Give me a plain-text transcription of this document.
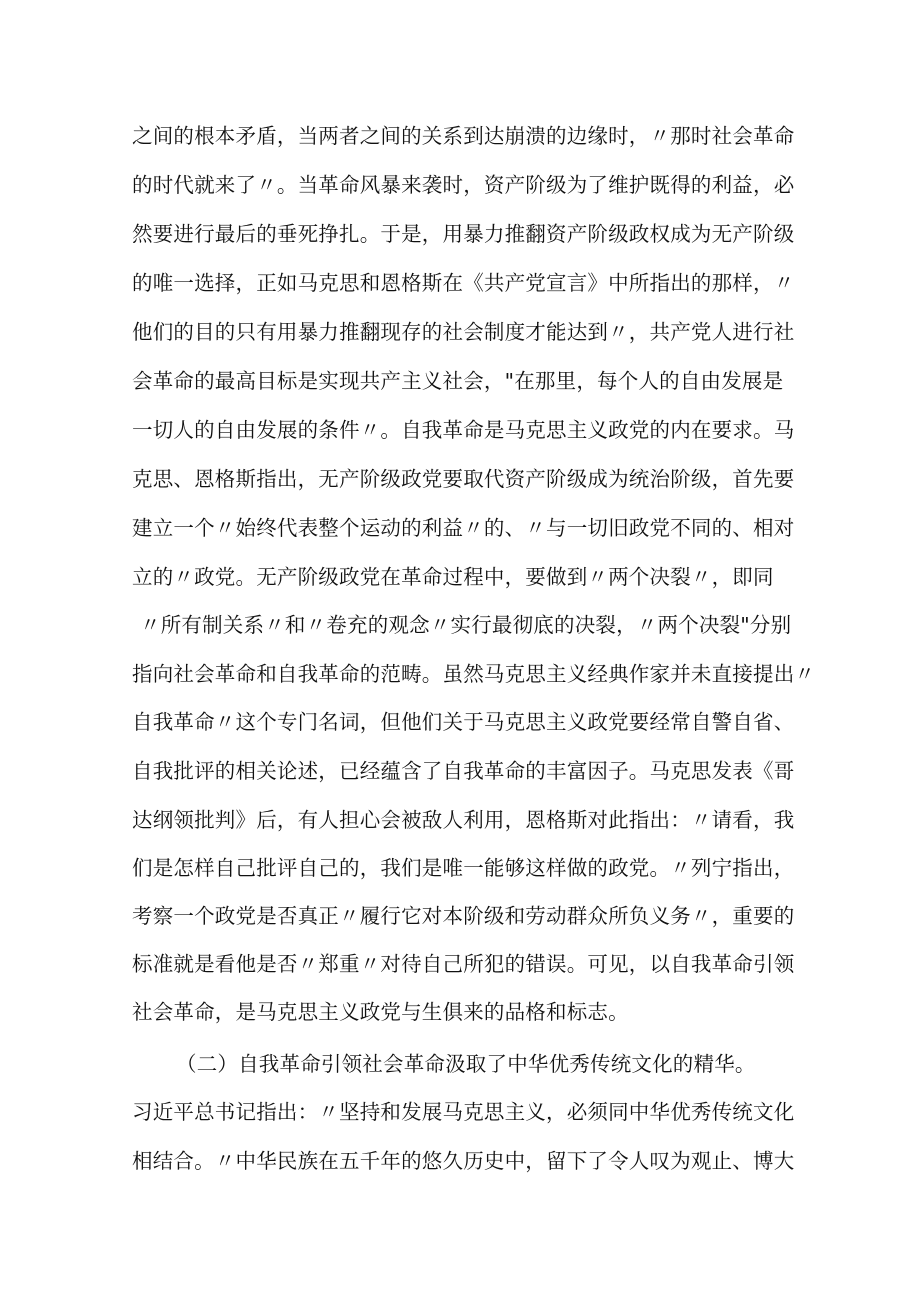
之间的根本矛盾，当两者之间的关系到达崩溃的边缘时，〃那时社会革命
的时代就来了〃。当革命风暴来袭时，资产阶级为了维护既得的利益，必
然要进行最后的垂死挣扎。于是，用暴力推翻资产阶级政权成为无产阶级
的唯一选择，正如马克思和恩格斯在《共产党宣言》中所指出的那样，〃
他们的目的只有用暴力推翻现存的社会制度才能达到〃，共产党人进行社
会革命的最高目标是实现共产主义社会，"在那里，每个人的自由发展是
一切人的自由发展的条件〃。自我革命是马克思主义政党的内在要求。马
克思、恩格斯指出，无产阶级政党要取代资产阶级成为统治阶级，首先要
建立一个〃始终代表整个运动的利益〃的、〃与一切旧政党不同的、相对
立的〃政党。无产阶级政党在革命过程中，要做到〃两个决裂〃，即同
〃所有制关系〃和〃卷充的观念〃实行最彻底的决裂，〃两个决裂"分别
指向社会革命和自我革命的范畴。虽然马克思主义经典作家并未直接提出〃
自我革命〃这个专门名词，但他们关于马克思主义政党要经常自警自省、
自我批评的相关论述，已经蕴含了自我革命的丰富因子。马克思发表《哥
达纲领批判》后，有人担心会被敌人利用，恩格斯对此指出：〃请看，我
们是怎样自己批评自己的，我们是唯一能够这样做的政党。〃列宁指出，
考察一个政党是否真正〃履行它对本阶级和劳动群众所负义务〃，重要的
标准就是看他是否〃郑重〃对待自己所犯的错误。可见，以自我革命引领
社会革命，是马克思主义政党与生俱来的品格和标志。
（二）自我革命引领社会革命汲取了中华优秀传统文化的精华。
习近平总书记指出：〃坚持和发展马克思主义，必须同中华优秀传统文化
相结合。〃中华民族在五千年的悠久历史中，留下了令人叹为观止、博大
